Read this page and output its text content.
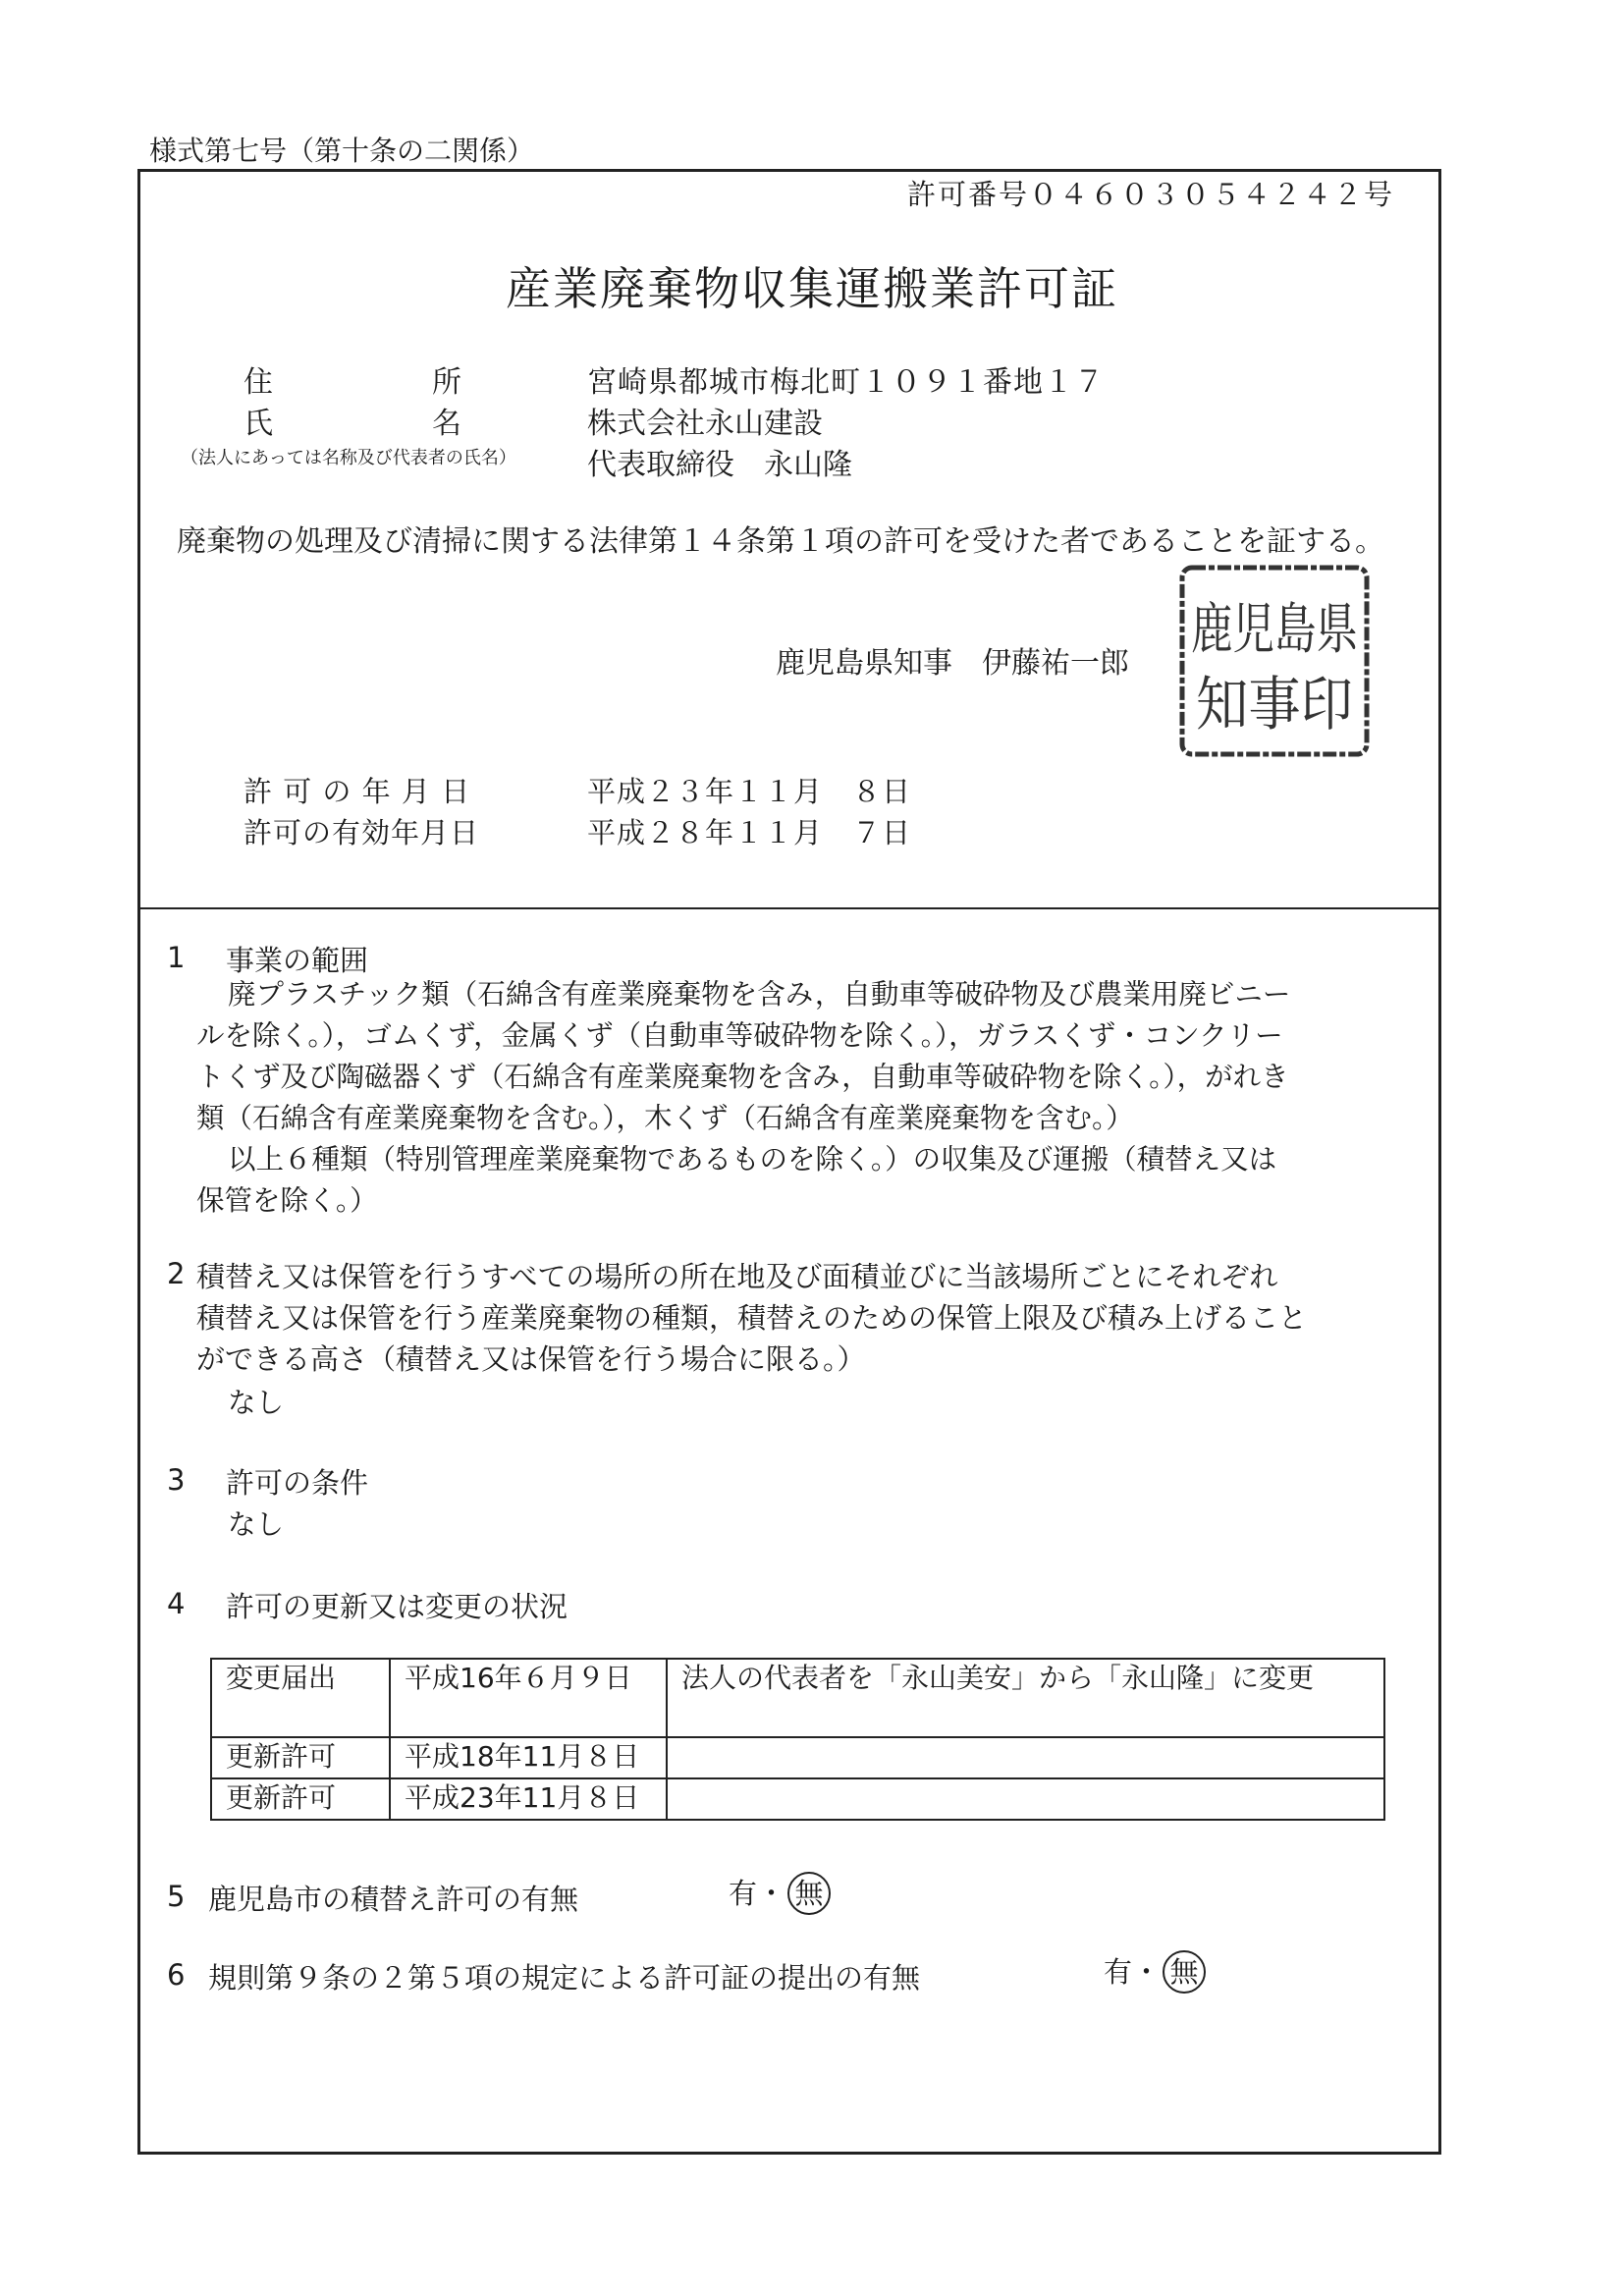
様式第七号（第十条の二関係）
許可番号０４６０３０５４２４２号
産業廃棄物収集運搬業許可証
住	所	宮崎県都城市梅北町１０９１番地１７
氏	名	株式会社永山建設
（法人にあっては名称及び代表者の氏名） 代表取締役　永山隆
廃棄物の処理及び清掃に関する法律第１４条第１項の許可を受けた者であることを証する。
鹿児島県知事　伊藤祐一郎
鹿児島県
知事印
許 可 の 年 月 日	平成２３年１１月　８日
許可の有効年月日	平成２８年１１月　７日
1 事業の範囲
廃プラスチック類（石綿含有産業廃棄物を含み，自動車等破砕物及び農業用廃ビニー
ルを除く。），ゴムくず，金属くず（自動車等破砕物を除く。），ガラスくず・コンクリー
トくず及び陶磁器くず（石綿含有産業廃棄物を含み，自動車等破砕物を除く。），がれき
類（石綿含有産業廃棄物を含む。），木くず（石綿含有産業廃棄物を含む。）
以上６種類（特別管理産業廃棄物であるものを除く。）の収集及び運搬（積替え又は
保管を除く。）
2 積替え又は保管を行うすべての場所の所在地及び面積並びに当該場所ごとにそれぞれ
積替え又は保管を行う産業廃棄物の種類，積替えのための保管上限及び積み上げること
ができる高さ（積替え又は保管を行う場合に限る。）
なし
3 許可の条件
なし
4 許可の更新又は変更の状況
変更届出	平成16年６月９日	法人の代表者を「永山美安」から「永山隆」に変更
更新許可	平成18年11月８日	
更新許可	平成23年11月８日	
5 鹿児島市の積替え許可の有無	有・ 無
6 規則第９条の２第５項の規定による許可証の提出の有無	有・ 無
